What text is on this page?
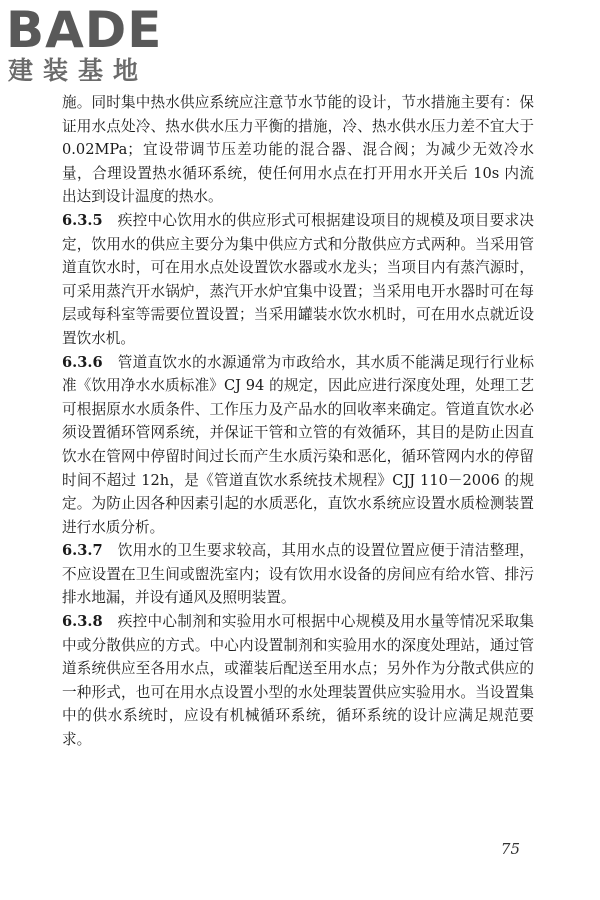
BADE
建装基地

施。同时集中热水供应系统应注意节水节能的设计，节水措施主要有：保证用水点处冷、热水供水压力平衡的措施，冷、热水供水压力差不宜大于 0.02MPa；宜设带调节压差功能的混合器、混合阀；为减少无效冷水量，合理设置热水循环系统，使任何用水点在打开用水开关后 10s 内流出达到设计温度的热水。

6.3.5　 疾控中心饮用水的供应形式可根据建设项目的规模及项目要求决定，饮用水的供应主要分为集中供应方式和分散供应方式两种。当采用管道直饮水时，可在用水点处设置饮水器或水龙头；当项目内有蒸汽源时，可采用蒸汽开水锅炉，蒸汽开水炉宜集中设置；当采用电开水器时可在每层或每科室等需要位置设置；当采用罐装水饮水机时，可在用水点就近设置饮水机。

6.3.6　 管道直饮水的水源通常为市政给水，其水质不能满足现行行业标准《饮用净水水质标准》CJ 94 的规定，因此应进行深度处理，处理工艺可根据原水水质条件、工作压力及产品水的回收率来确定。管道直饮水必须设置循环管网系统，并保证干管和立管的有效循环，其目的是防止因直饮水在管网中停留时间过长而产生水质污染和恶化，循环管网内水的停留时间不超过 12h，是《管道直饮水系统技术规程》CJJ 110－2006 的规定。为防止因各种因素引起的水质恶化，直饮水系统应设置水质检测装置进行水质分析。

6.3.7　 饮用水的卫生要求较高，其用水点的设置位置应便于清洁整理，不应设置在卫生间或盥洗室内；设有饮用水设备的房间应有给水管、排污排水地漏，并设有通风及照明装置。

6.3.8　 疾控中心制剂和实验用水可根据中心规模及用水量等情况采取集中或分散供应的方式。中心内设置制剂和实验用水的深度处理站，通过管道系统供应至各用水点，或灌装后配送至用水点；另外作为分散式供应的一种形式，也可在用水点设置小型的水处理装置供应实验用水。当设置集中的供水系统时，应设有机械循环系统，循环系统的设计应满足规范要求。

75
